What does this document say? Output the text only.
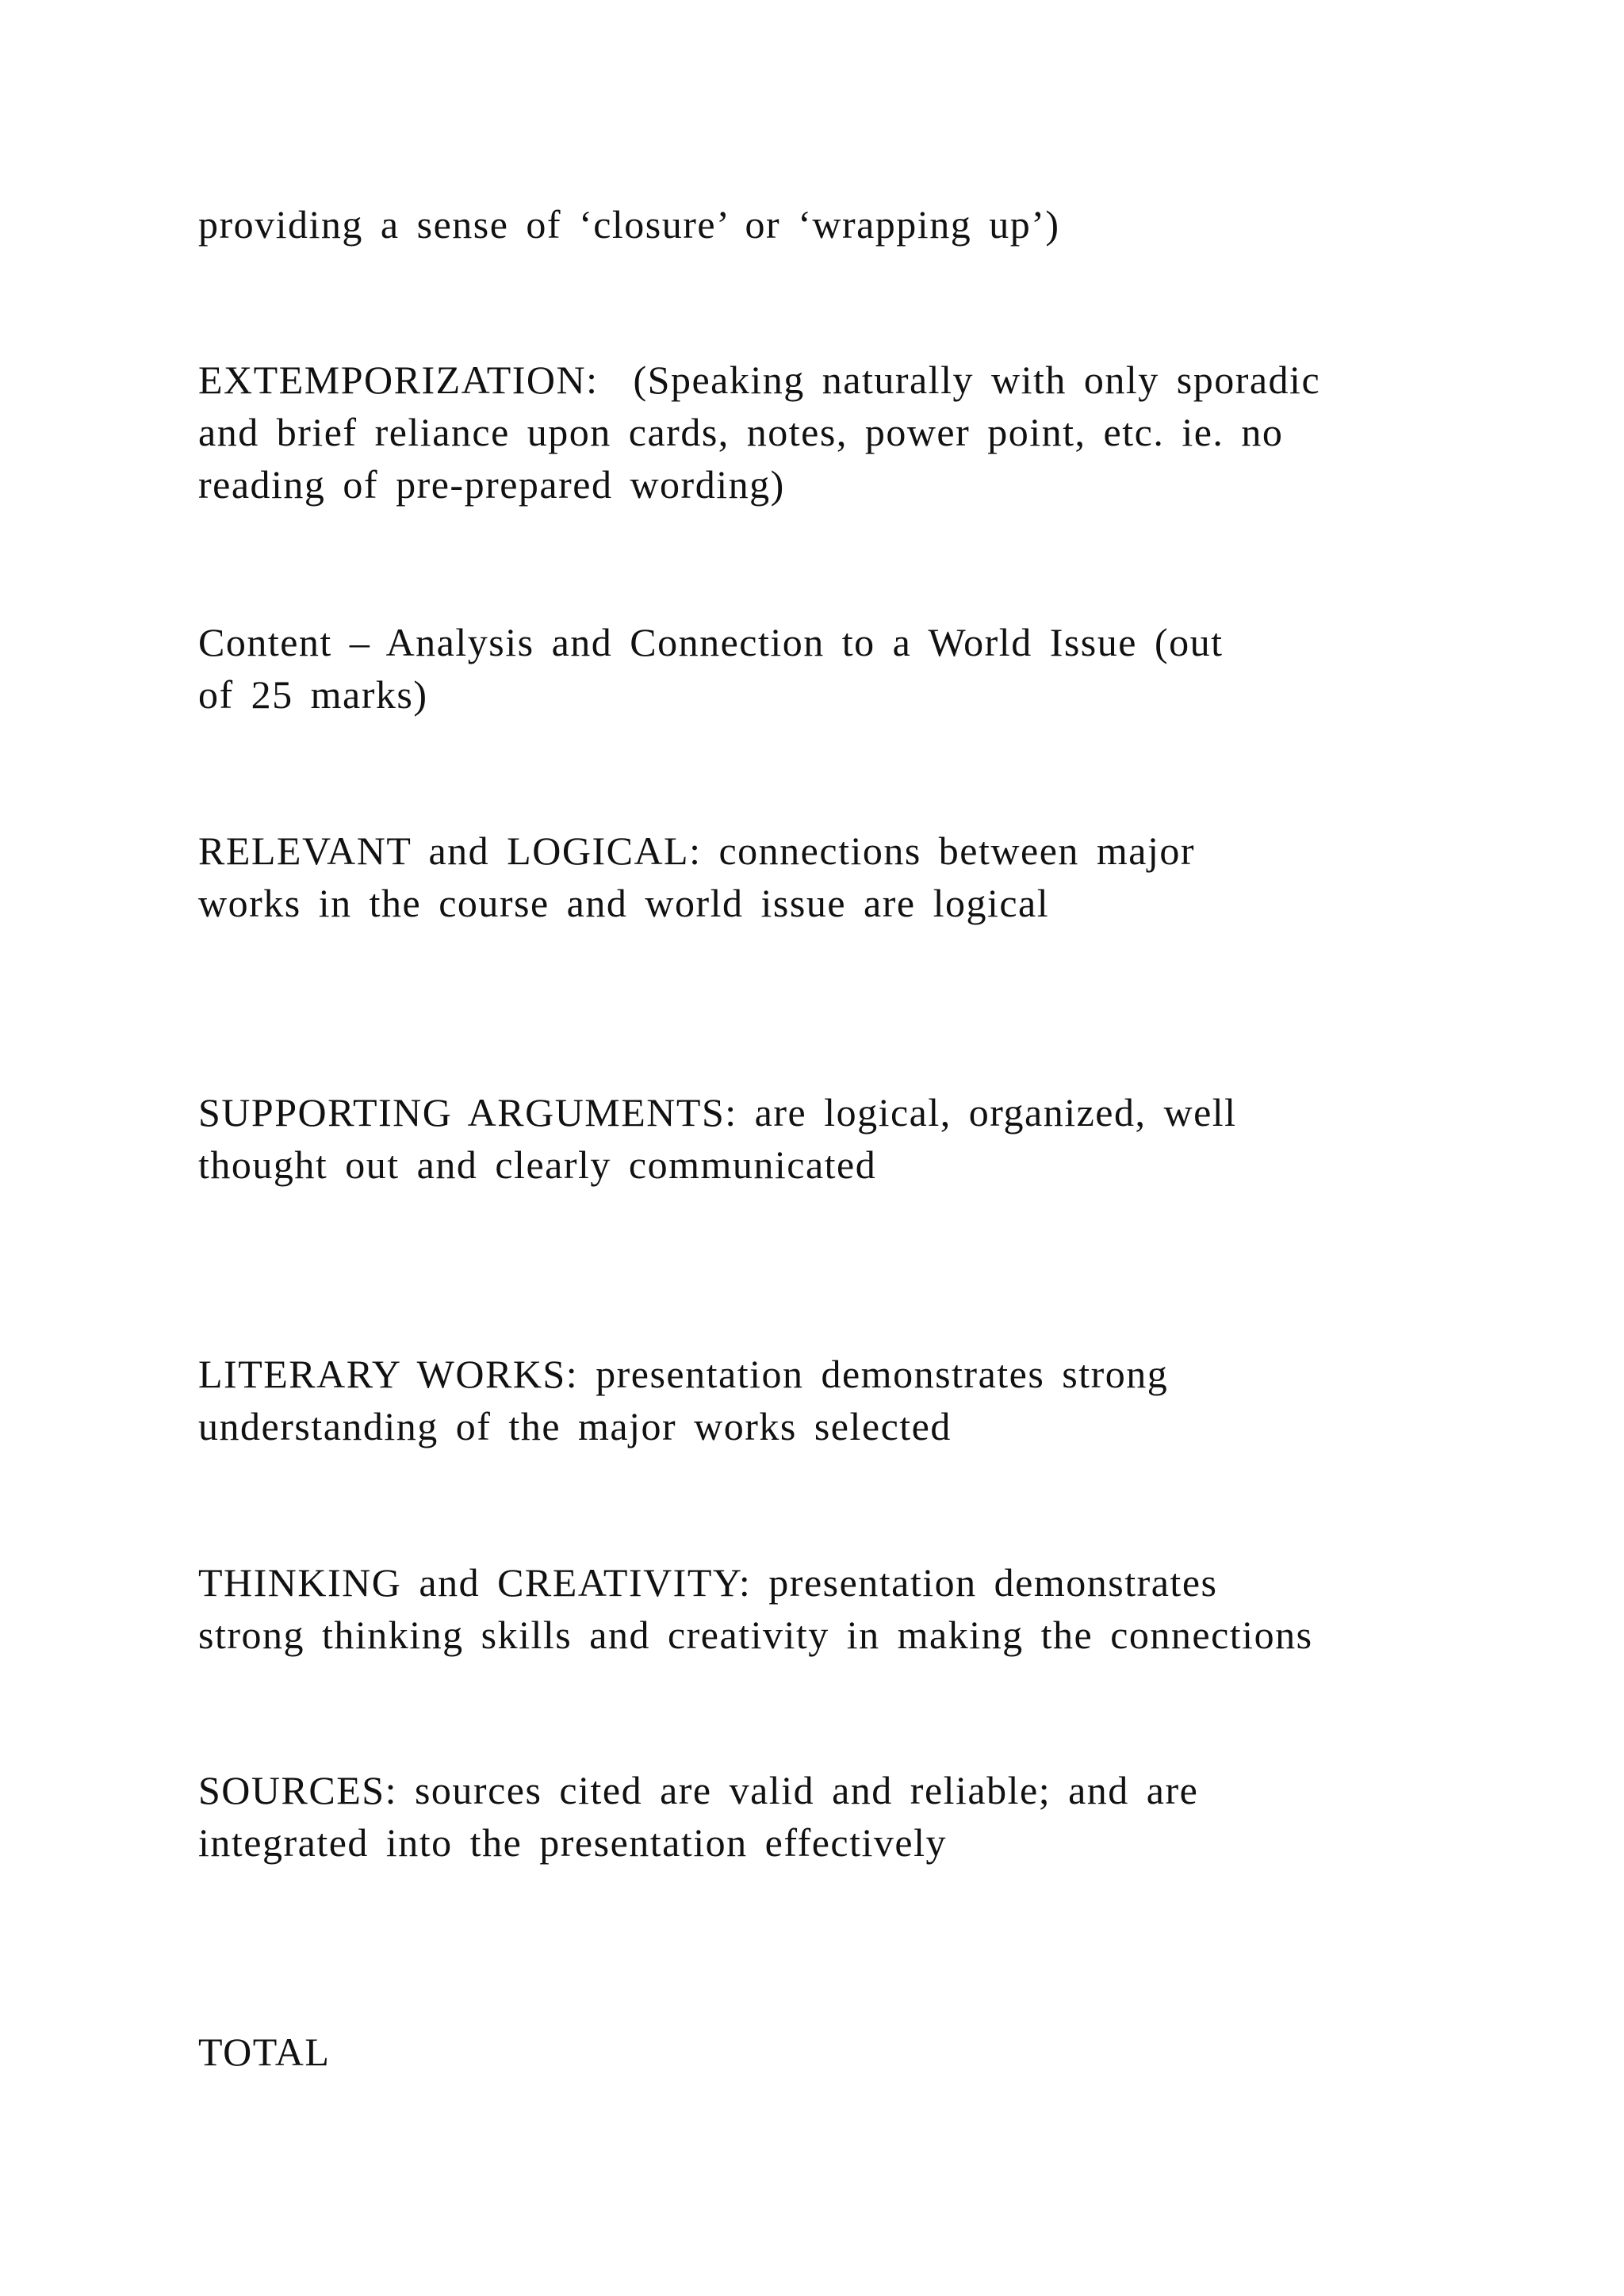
providing a sense of ‘closure’ or ‘wrapping up’)

EXTEMPORIZATION:  (Speaking naturally with only sporadic
and brief reliance upon cards, notes, power point, etc. ie. no
reading of pre-prepared wording)

Content – Analysis and Connection to a World Issue (out
of 25 marks)

RELEVANT and LOGICAL: connections between major
works in the course and world issue are logical

SUPPORTING ARGUMENTS: are logical, organized, well
thought out and clearly communicated

LITERARY WORKS: presentation demonstrates strong
understanding of the major works selected

THINKING and CREATIVITY: presentation demonstrates
strong thinking skills and creativity in making the connections

SOURCES: sources cited are valid and reliable; and are
integrated into the presentation effectively

TOTAL
